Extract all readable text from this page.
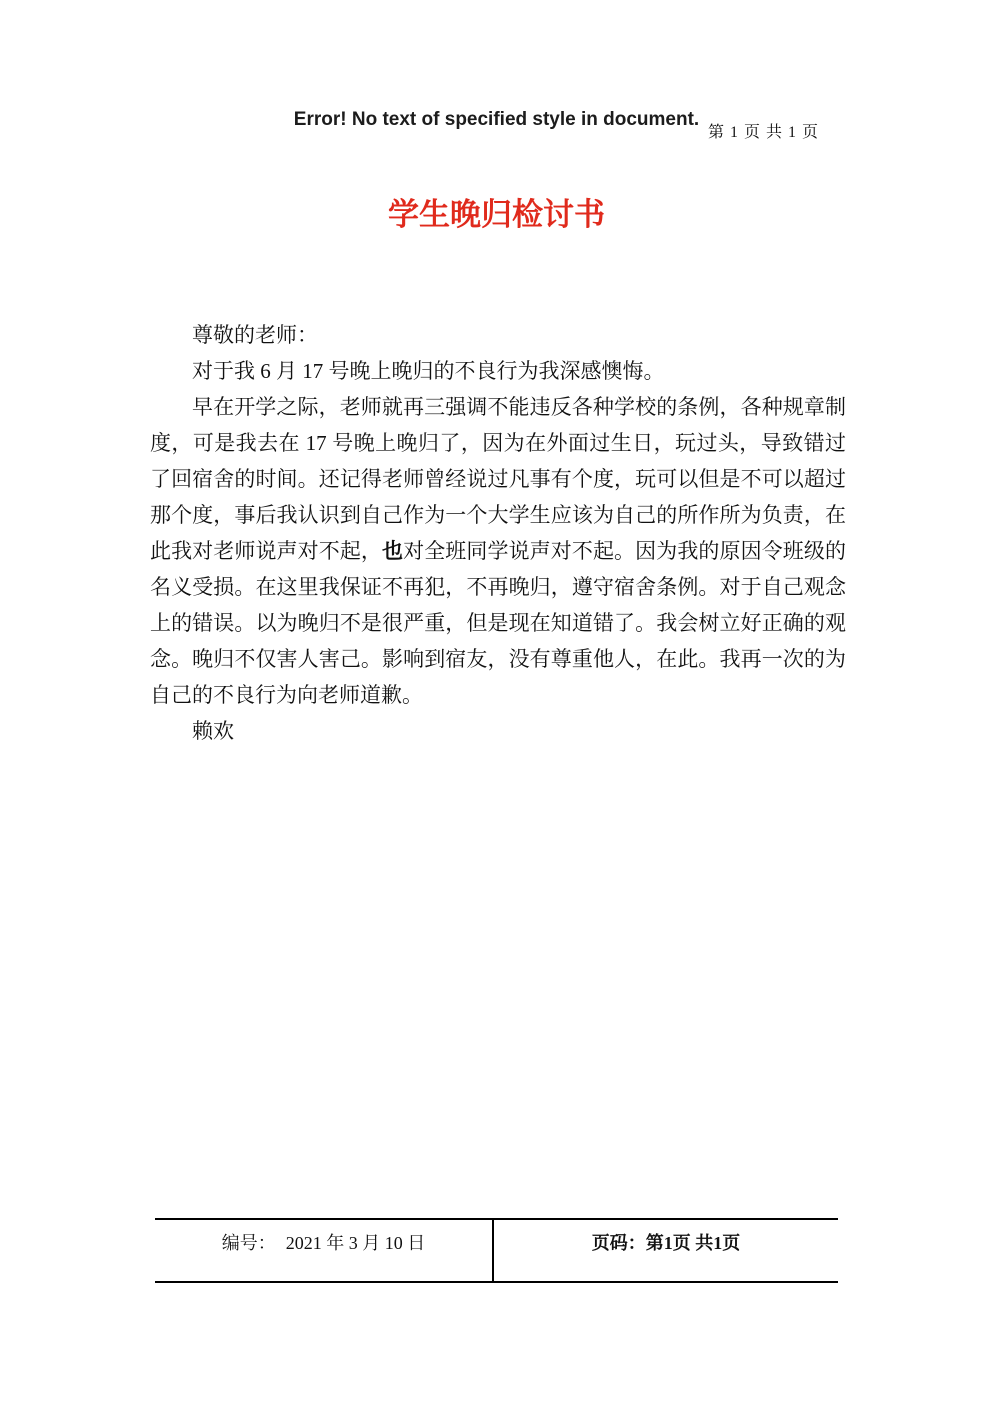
Error! No text of specified style in document.
第 1 页 共 1 页
学生晚归检讨书

尊敬的老师：

对于我 6 月 17 号晚上晚归的不良行为我深感懊悔。

早在开学之际，老师就再三强调不能违反各种学校的条例，各种规章制度，可是我去在 17 号晚上晚归了，因为在外面过生日，玩过头，导致错过了回宿舍的时间。还记得老师曾经说过凡事有个度，玩可以但是不可以超过那个度，事后我认识到自己作为一个大学生应该为自己的所作所为负责，在此我对老师说声对不起，也对全班同学说声对不起。因为我的原因令班级的名义受损。在这里我保证不再犯，不再晚归，遵守宿舍条例。对于自己观念上的错误。以为晚归不是很严重，但是现在知道错了。我会树立好正确的观念。晚归不仅害人害己。影响到宿友，没有尊重他人，在此。我再一次的为自己的不良行为向老师道歉。

赖欢

编号： 2021 年 3 月 10 日	页码：第1页 共1页
